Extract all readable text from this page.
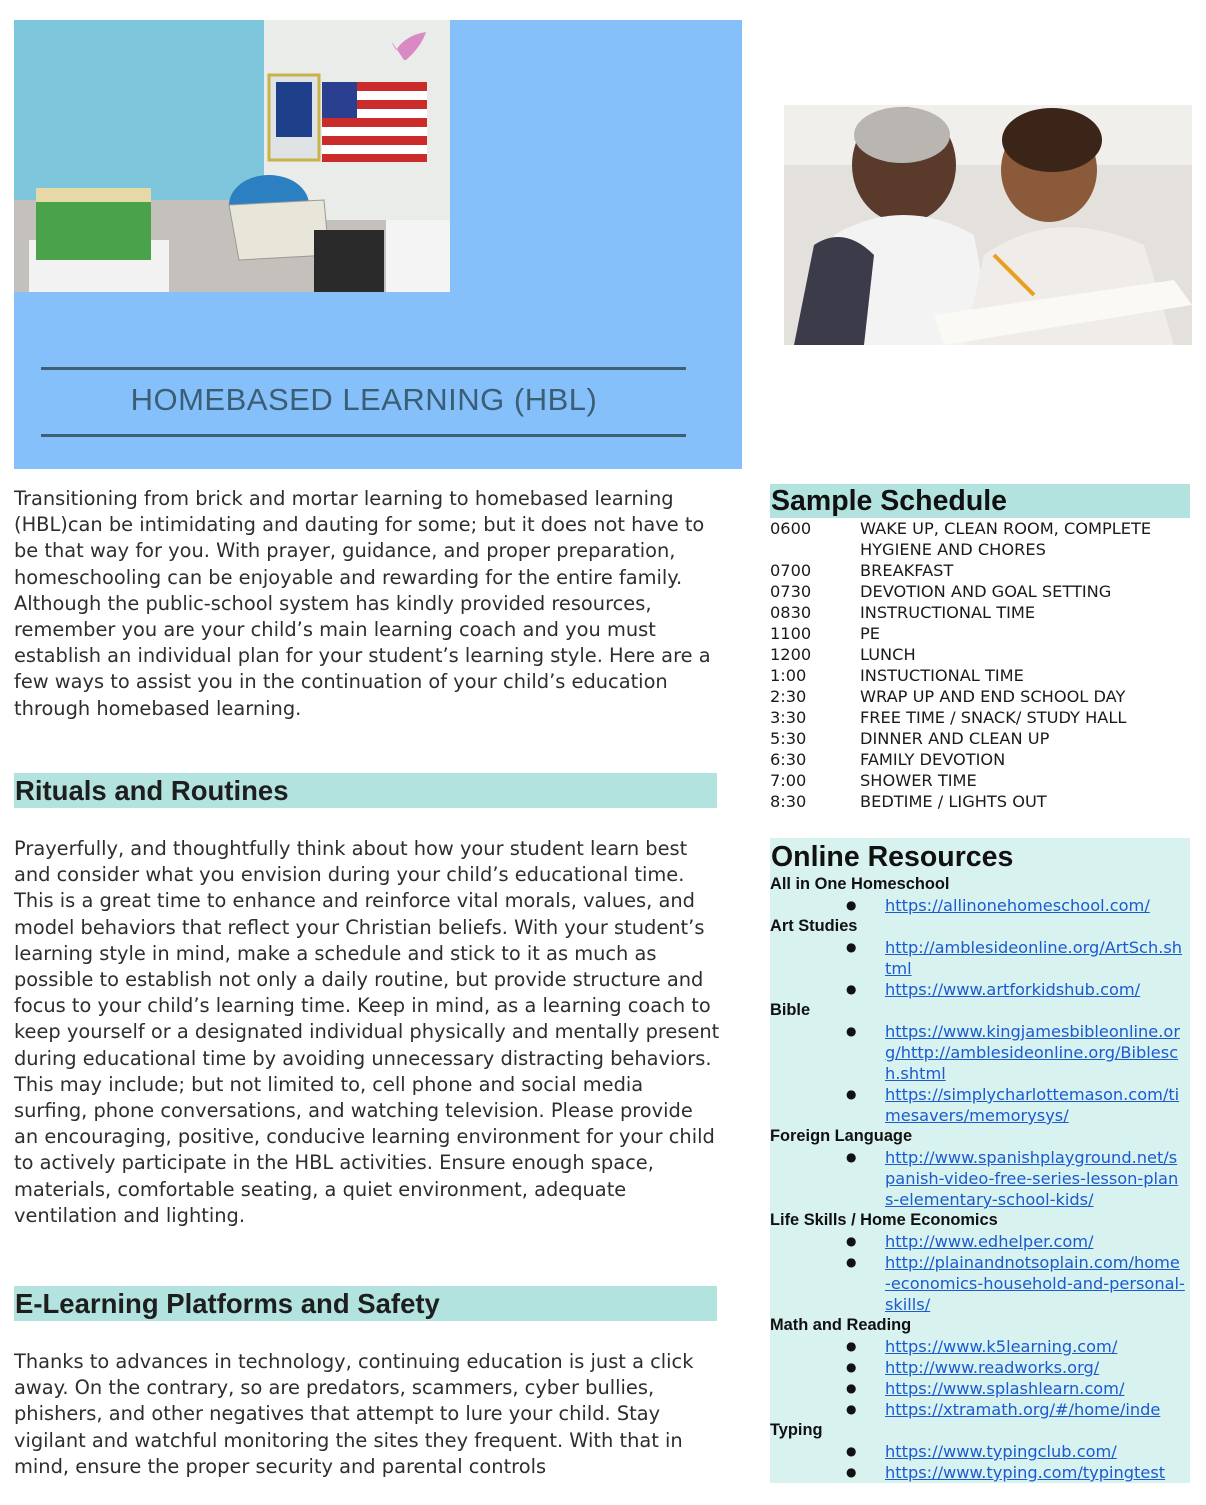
HOMEBASED LEARNING (HBL)

Transitioning from brick and mortar learning to homebased learning (HBL)can be intimidating and dauting for some; but it does not have to be that way for you. With prayer, guidance, and proper preparation, homeschooling can be enjoyable and rewarding for the entire family. Although the public-school system has kindly provided resources, remember you are your child’s main learning coach and you must establish an individual plan for your student’s learning style. Here are a few ways to assist you in the continuation of your child’s education through homebased learning.

Rituals and Routines

Prayerfully, and thoughtfully think about how your student learn best and consider what you envision during your child’s educational time. This is a great time to enhance and reinforce vital morals, values, and model behaviors that reflect your Christian beliefs. With your student’s learning style in mind, make a schedule and stick to it as much as possible to establish not only a daily routine, but provide structure and focus to your child’s learning time. Keep in mind, as a learning coach to keep yourself or a designated individual physically and mentally present during educational time by avoiding unnecessary distracting behaviors. This may include; but not limited to, cell phone and social media surfing, phone conversations, and watching television. Please provide an encouraging, positive, conducive learning environment for your child to actively participate in the HBL activities. Ensure enough space, materials, comfortable seating, a quiet environment, adequate ventilation and lighting.

E-Learning Platforms and Safety

Thanks to advances in technology, continuing education is just a click away. On the contrary, so are predators, scammers, cyber bullies, phishers, and other negatives that attempt to lure your child. Stay vigilant and watchful monitoring the sites they frequent. With that in mind, ensure the proper security and parental controls

Sample Schedule
0600	WAKE UP, CLEAN ROOM, COMPLETE HYGIENE AND CHORES
0700	BREAKFAST
0730	DEVOTION AND GOAL SETTING
0830	INSTRUCTIONAL TIME
1100	PE
1200	LUNCH
1:00	INSTUCTIONAL TIME
2:30	WRAP UP AND END SCHOOL DAY
3:30	FREE TIME / SNACK/ STUDY HALL
5:30	DINNER AND CLEAN UP
6:30	FAMILY DEVOTION
7:00	SHOWER TIME
8:30	BEDTIME / LIGHTS OUT
Online Resources
All in One Homeschool
●	https://allinonehomeschool.com/
Art Studies
●	http://amblesideonline.org/ArtSch.shtml
●	https://www.artforkidshub.com/
Bible
●	https://www.kingjamesbibleonline.org/http://amblesideonline.org/Biblesch.shtml
●	https://simplycharlottemason.com/timesavers/memorysys/
Foreign Language
●	http://www.spanishplayground.net/spanish-video-free-series-lesson-plans-elementary-school-kids/
Life Skills / Home Economics
●	http://www.edhelper.com/
●	http://plainandnotsoplain.com/home-economics-household-and-personal-skills/
Math and Reading
●	https://www.k5learning.com/
●	http://www.readworks.org/
●	https://www.splashlearn.com/
●	https://xtramath.org/#/home/inde
Typing
●	https://www.typingclub.com/
●	https://www.typing.com/typingtest
